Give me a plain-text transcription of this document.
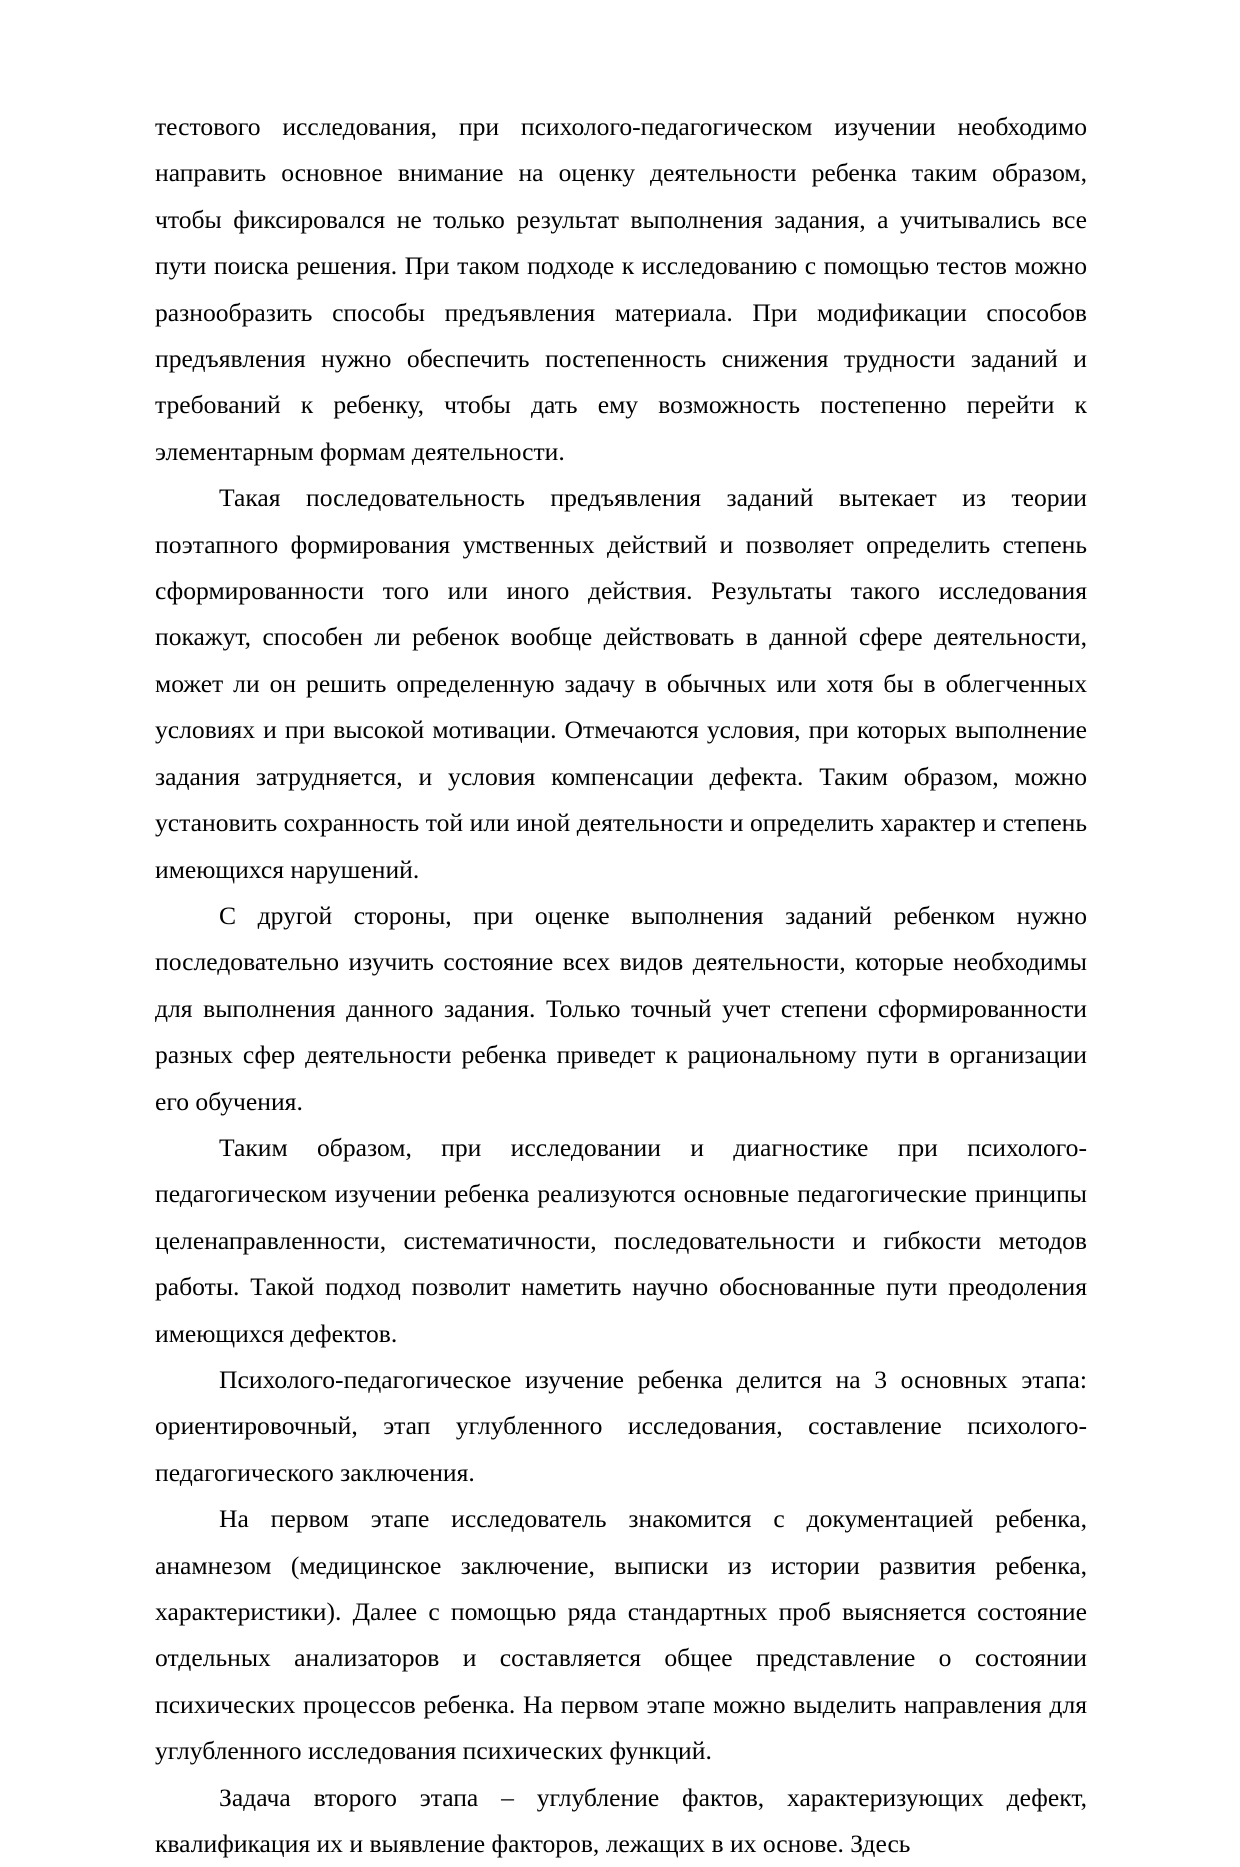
тестового исследования, при психолого-педагогическом изучении необходимо направить основное внимание на оценку деятельности ребенка таким образом, чтобы фиксировался не только результат выполнения задания, а учитывались все пути поиска решения. При таком подходе к исследованию с помощью тестов можно разнообразить способы предъявления материала. При модификации способов предъявления нужно обеспечить постепенность снижения трудности заданий и требований к ребенку, чтобы дать ему возможность постепенно перейти к элементарным формам деятельности.

Такая последовательность предъявления заданий вытекает из теории поэтапного формирования умственных действий и позволяет определить степень сформированности того или иного действия. Результаты такого исследования покажут, способен ли ребенок вообще действовать в данной сфере деятельности, может ли он решить определенную задачу в обычных или хотя бы в облегченных условиях и при высокой мотивации. Отмечаются условия, при которых выполнение задания затрудняется, и условия компенсации дефекта. Таким образом, можно установить сохранность той или иной деятельности и определить характер и степень имеющихся нарушений.

С другой стороны, при оценке выполнения заданий ребенком нужно последовательно изучить состояние всех видов деятельности, которые необходимы для выполнения данного задания. Только точный учет степени сформированности разных сфер деятельности ребенка приведет к рациональному пути в организации его обучения.

Таким образом, при исследовании и диагностике при психолого-педагогическом изучении ребенка реализуются основные педагогические принципы целенаправленности, систематичности, последовательности и гибкости методов работы. Такой подход позволит наметить научно обоснованные пути преодоления имеющихся дефектов.

Психолого-педагогическое изучение ребенка делится на 3 основных этапа: ориентировочный, этап углубленного исследования, составление психолого-педагогического заключения.

На первом этапе исследователь знакомится с документацией ребенка, анамнезом (медицинское заключение, выписки из истории развития ребенка, характеристики). Далее с помощью ряда стандартных проб выясняется состояние отдельных анализаторов и составляется общее представление о состоянии психических процессов ребенка. На первом этапе можно выделить направления для углубленного исследования психических функций.

Задача второго этапа – углубление фактов, характеризующих дефект, квалификация их и выявление факторов, лежащих в их основе. Здесь
